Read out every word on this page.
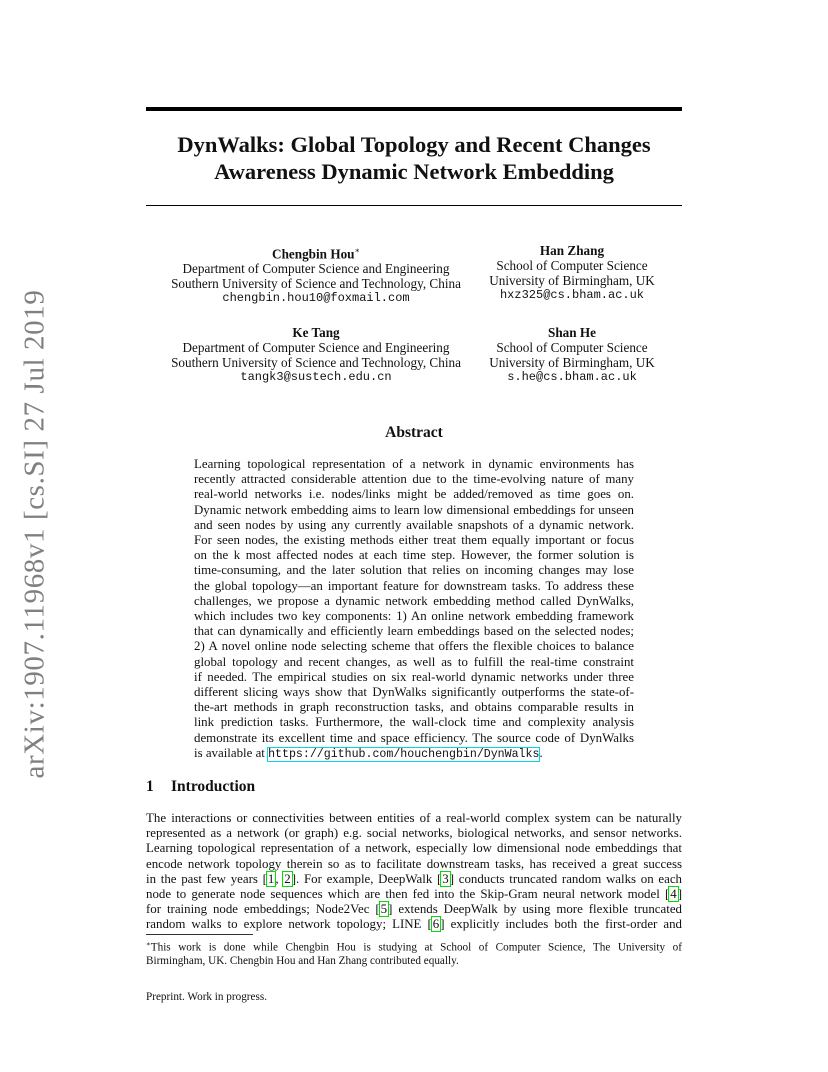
arXiv:1907.11968v1 [cs.SI] 27 Jul 2019
DynWalks: Global Topology and Recent Changes
Awareness Dynamic Network Embedding
Chengbin Hou∗
Department of Computer Science and Engineering
Southern University of Science and Technology, China
chengbin.hou10@foxmail.com
Han Zhang
School of Computer Science
University of Birmingham, UK
hxz325@cs.bham.ac.uk
Ke Tang
Department of Computer Science and Engineering
Southern University of Science and Technology, China
tangk3@sustech.edu.cn
Shan He
School of Computer Science
University of Birmingham, UK
s.he@cs.bham.ac.uk
Abstract
Learning topological representation of a network in dynamic environments has
recently attracted considerable attention due to the time-evolving nature of many
real-world networks i.e. nodes/links might be added/removed as time goes on.
Dynamic network embedding aims to learn low dimensional embeddings for unseen
and seen nodes by using any currently available snapshots of a dynamic network.
For seen nodes, the existing methods either treat them equally important or focus
on the k most affected nodes at each time step. However, the former solution is
time-consuming, and the later solution that relies on incoming changes may lose
the global topology—an important feature for downstream tasks. To address these
challenges, we propose a dynamic network embedding method called DynWalks,
which includes two key components: 1) An online network embedding framework
that can dynamically and efficiently learn embeddings based on the selected nodes;
2) A novel online node selecting scheme that offers the flexible choices to balance
global topology and recent changes, as well as to fulfill the real-time constraint
if needed. The empirical studies on six real-world dynamic networks under three
different slicing ways show that DynWalks significantly outperforms the state-of-
the-art methods in graph reconstruction tasks, and obtains comparable results in
link prediction tasks. Furthermore, the wall-clock time and complexity analysis
demonstrate its excellent time and space efficiency. The source code of DynWalks
is available at https://github.com/houchengbin/DynWalks.
1 Introduction
The interactions or connectivities between entities of a real-world complex system can be naturally
represented as a network (or graph) e.g. social networks, biological networks, and sensor networks.
Learning topological representation of a network, especially low dimensional node embeddings that
encode network topology therein so as to facilitate downstream tasks, has received a great success
in the past few years [1, 2]. For example, DeepWalk [3] conducts truncated random walks on each
node to generate node sequences which are then fed into the Skip-Gram neural network model [4]
for training node embeddings; Node2Vec [5] extends DeepWalk by using more flexible truncated
random walks to explore network topology; LINE [6] explicitly includes both the first-order and
∗This work is done while Chengbin Hou is studying at School of Computer Science, The University of
Birmingham, UK. Chengbin Hou and Han Zhang contributed equally.
Preprint. Work in progress.
